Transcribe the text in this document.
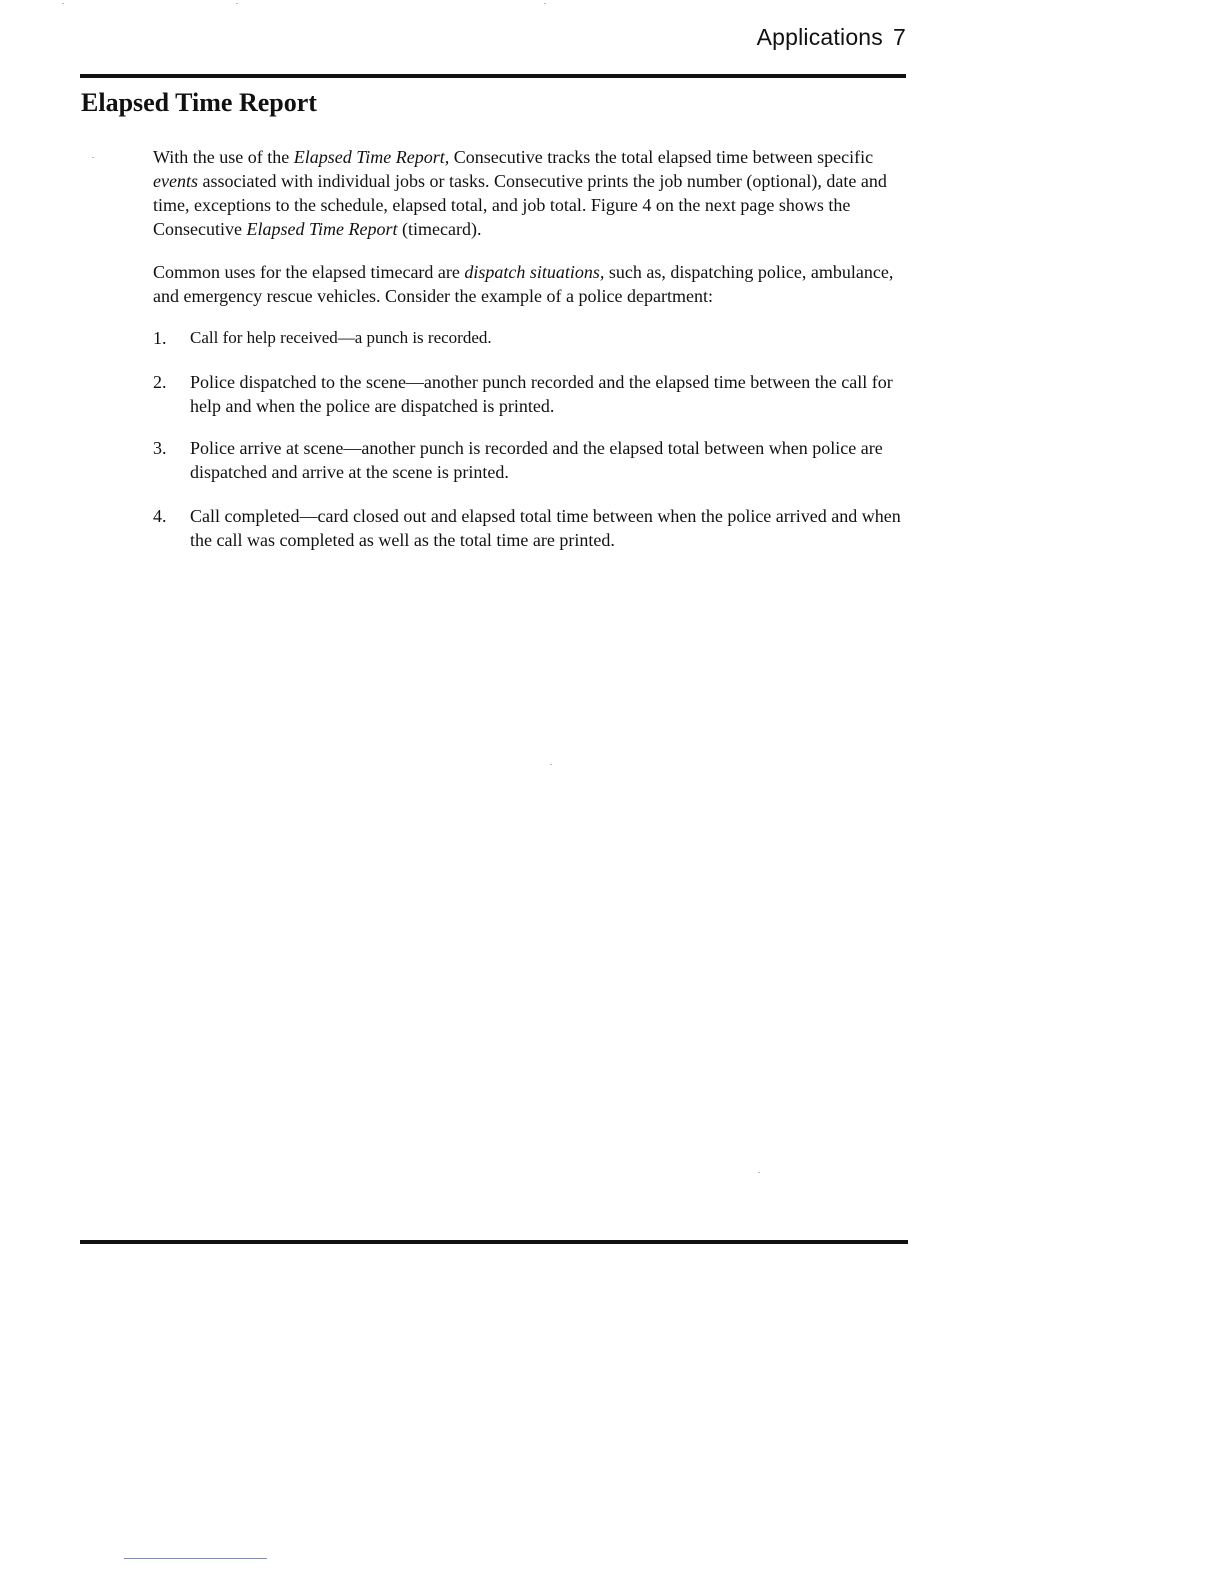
Applications 7
Elapsed Time Report

With the use of the Elapsed Time Report, Consecutive tracks the total elapsed time between specific events associated with individual jobs or tasks. Consecutive prints the job number (optional), date and time, exceptions to the schedule, elapsed total, and job total. Figure 4 on the next page shows the Consecutive Elapsed Time Report (timecard).

Common uses for the elapsed timecard are dispatch situations, such as, dispatching police, ambulance, and emergency rescue vehicles. Consider the example of a police department:

1.	Call for help received—a punch is recorded.
2.	Police dispatched to the scene—another punch recorded and the elapsed time between the call for help and when the police are dispatched is printed.
3.	Police arrive at scene—another punch is recorded and the elapsed total between when police are dispatched and arrive at the scene is printed.
4.	Call completed—card closed out and elapsed total time between when the police arrived and when the call was completed as well as the total time are printed.
